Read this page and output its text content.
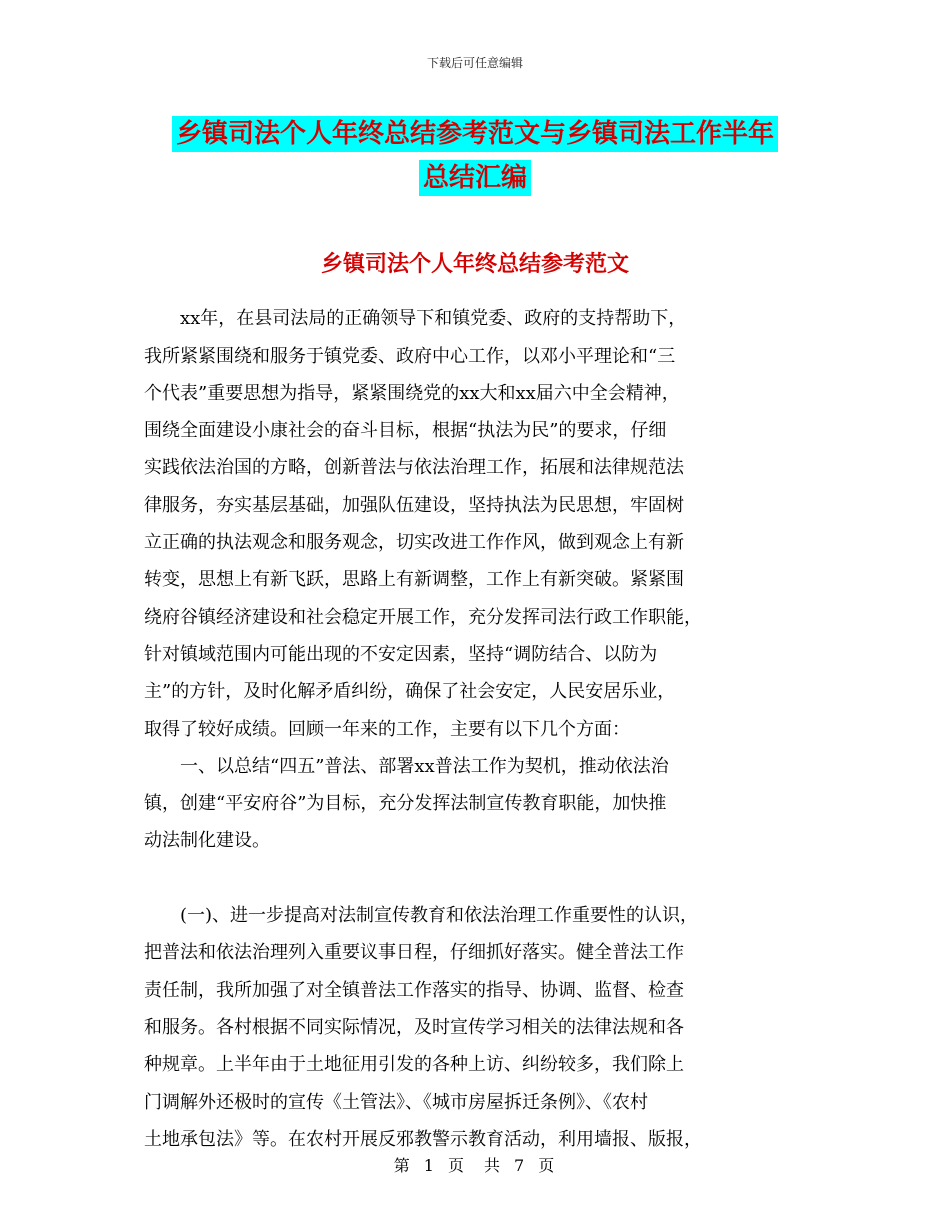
下载后可任意编辑
乡镇司法个人年终总结参考范文与乡镇司法工作半年
总结汇编
乡镇司法个人年终总结参考范文
　　xx年，在县司法局的正确领导下和镇党委、政府的支持帮助下，
我所紧紧围绕和服务于镇党委、政府中心工作，以邓小平理论和“三
个代表”重要思想为指导，紧紧围绕党的xx大和xx届六中全会精神，
围绕全面建设小康社会的奋斗目标，根据“执法为民”的要求，仔细
实践依法治国的方略，创新普法与依法治理工作，拓展和法律规范法
律服务，夯实基层基础，加强队伍建设，坚持执法为民思想，牢固树
立正确的执法观念和服务观念，切实改进工作作风，做到观念上有新
转变，思想上有新飞跃，思路上有新调整，工作上有新突破。紧紧围
绕府谷镇经济建设和社会稳定开展工作，充分发挥司法行政工作职能，
针对镇域范围内可能出现的不安定因素，坚持“调防结合、以防为
主”的方针，及时化解矛盾纠纷，确保了社会安定，人民安居乐业，
取得了较好成绩。回顾一年来的工作，主要有以下几个方面：
　　一、以总结“四五”普法、部署xx普法工作为契机，推动依法治
镇，创建“平安府谷”为目标，充分发挥法制宣传教育职能，加快推
动法制化建设。
　　(一)、进一步提高对法制宣传教育和依法治理工作重要性的认识，
把普法和依法治理列入重要议事日程，仔细抓好落实。健全普法工作
责任制，我所加强了对全镇普法工作落实的指导、协调、监督、检查
和服务。各村根据不同实际情况，及时宣传学习相关的法律法规和各
种规章。上半年由于土地征用引发的各种上访、纠纷较多，我们除上
门调解外还极时的宣传《土管法》、《城市房屋拆迁条例》、《农村
土地承包法》等。在农村开展反邪教警示教育活动，利用墙报、版报，
第 1 页　共 7 页
